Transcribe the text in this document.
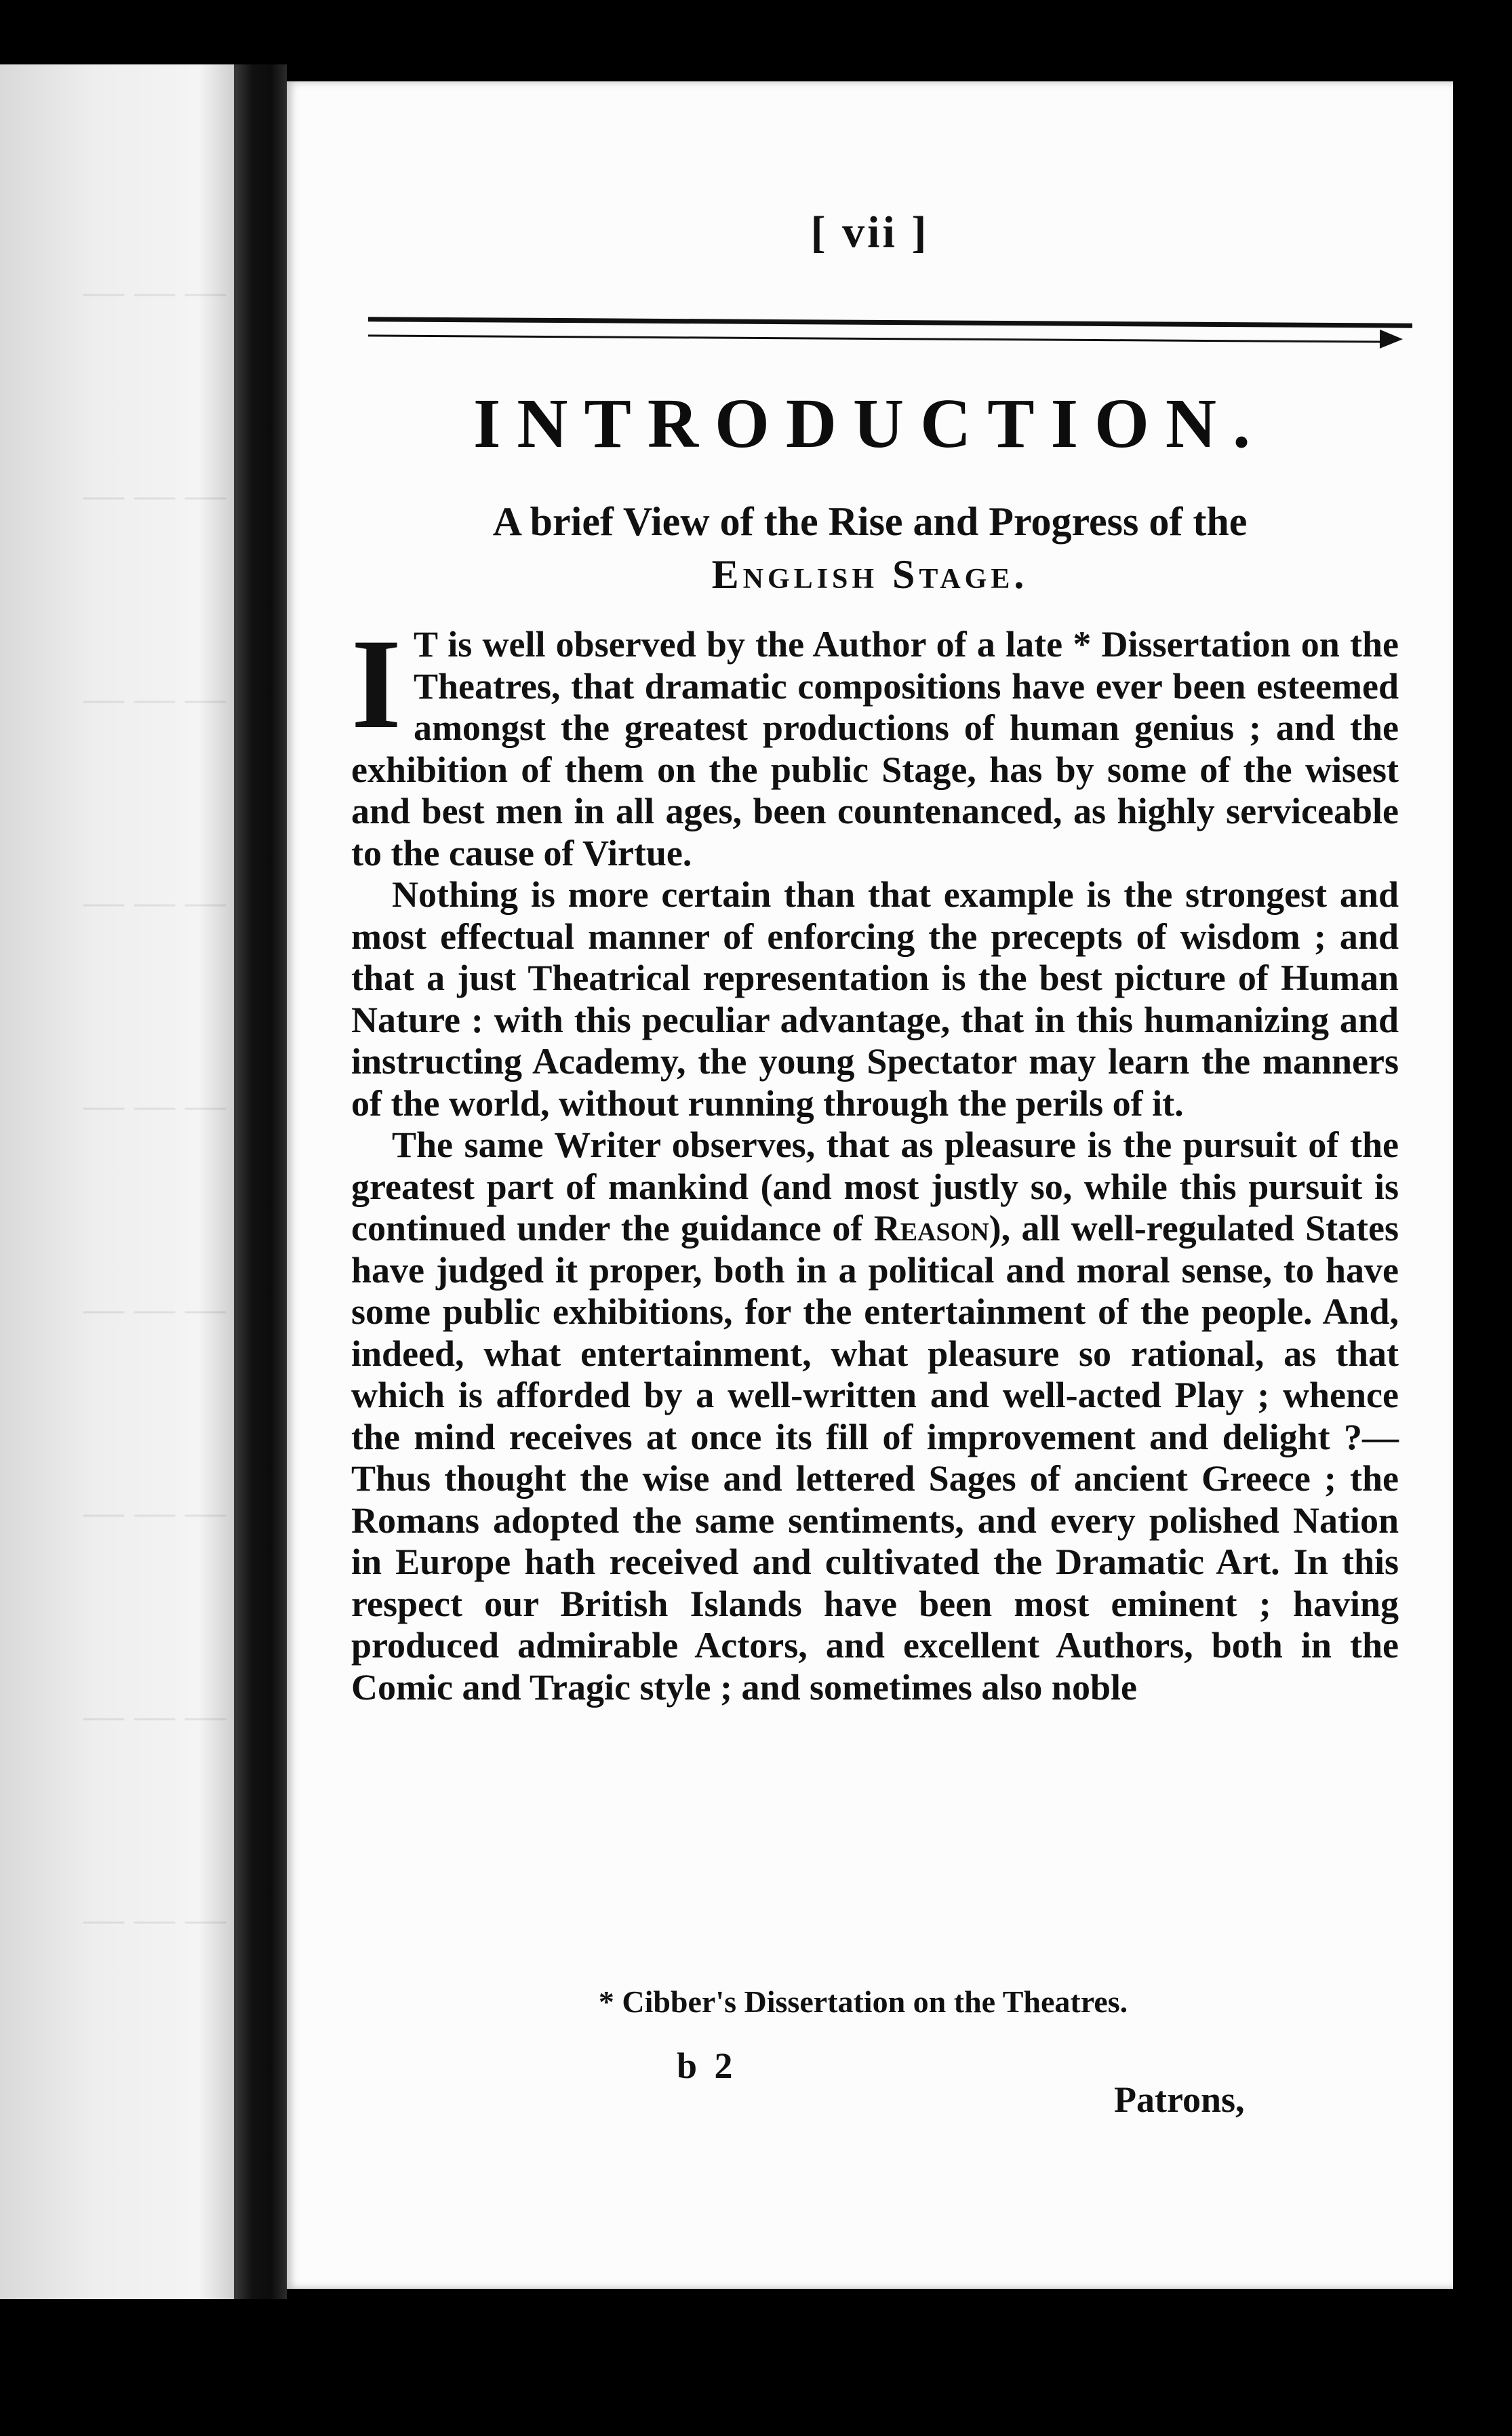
— — —
— — —
— — —
— — —
— — —
— — —
— — —
— — —
— — —
[ vii ]
INTRODUCTION.
A brief View of the Rise and Progress of the
English Stage.

I T is well observed by the Author of a late * Dissertation on the Theatres, that dramatic compositions have ever been esteemed amongst the greatest productions of human genius ; and the exhibition of them on the public Stage, has by some of the wisest and best men in all ages, been countenanced, as highly serviceable to the cause of Virtue.

Nothing is more certain than that example is the strongest and most effectual manner of enforcing the precepts of wisdom ; and that a just Theatrical representation is the best picture of Human Nature : with this peculiar advantage, that in this humanizing and instructing Academy, the young Spectator may learn the manners of the world, without running through the perils of it.

The same Writer observes, that as pleasure is the pursuit of the greatest part of mankind (and most justly so, while this pursuit is continued under the guidance of Reason), all well-regulated States have judged it proper, both in a political and moral sense, to have some public exhibitions, for the entertainment of the people. And, indeed, what entertainment, what pleasure so rational, as that which is afforded by a well-written and well-acted Play ; whence the mind receives at once its fill of improvement and delight ?—Thus thought the wise and lettered Sages of ancient Greece ; the Romans adopted the same sentiments, and every polished Nation in Europe hath received and cultivated the Dramatic Art. In this respect our British Islands have been most eminent ; having produced admirable Actors, and excellent Authors, both in the Comic and Tragic style ; and sometimes also noble

* Cibber's Dissertation on the Theatres.
b 2
Patrons,
